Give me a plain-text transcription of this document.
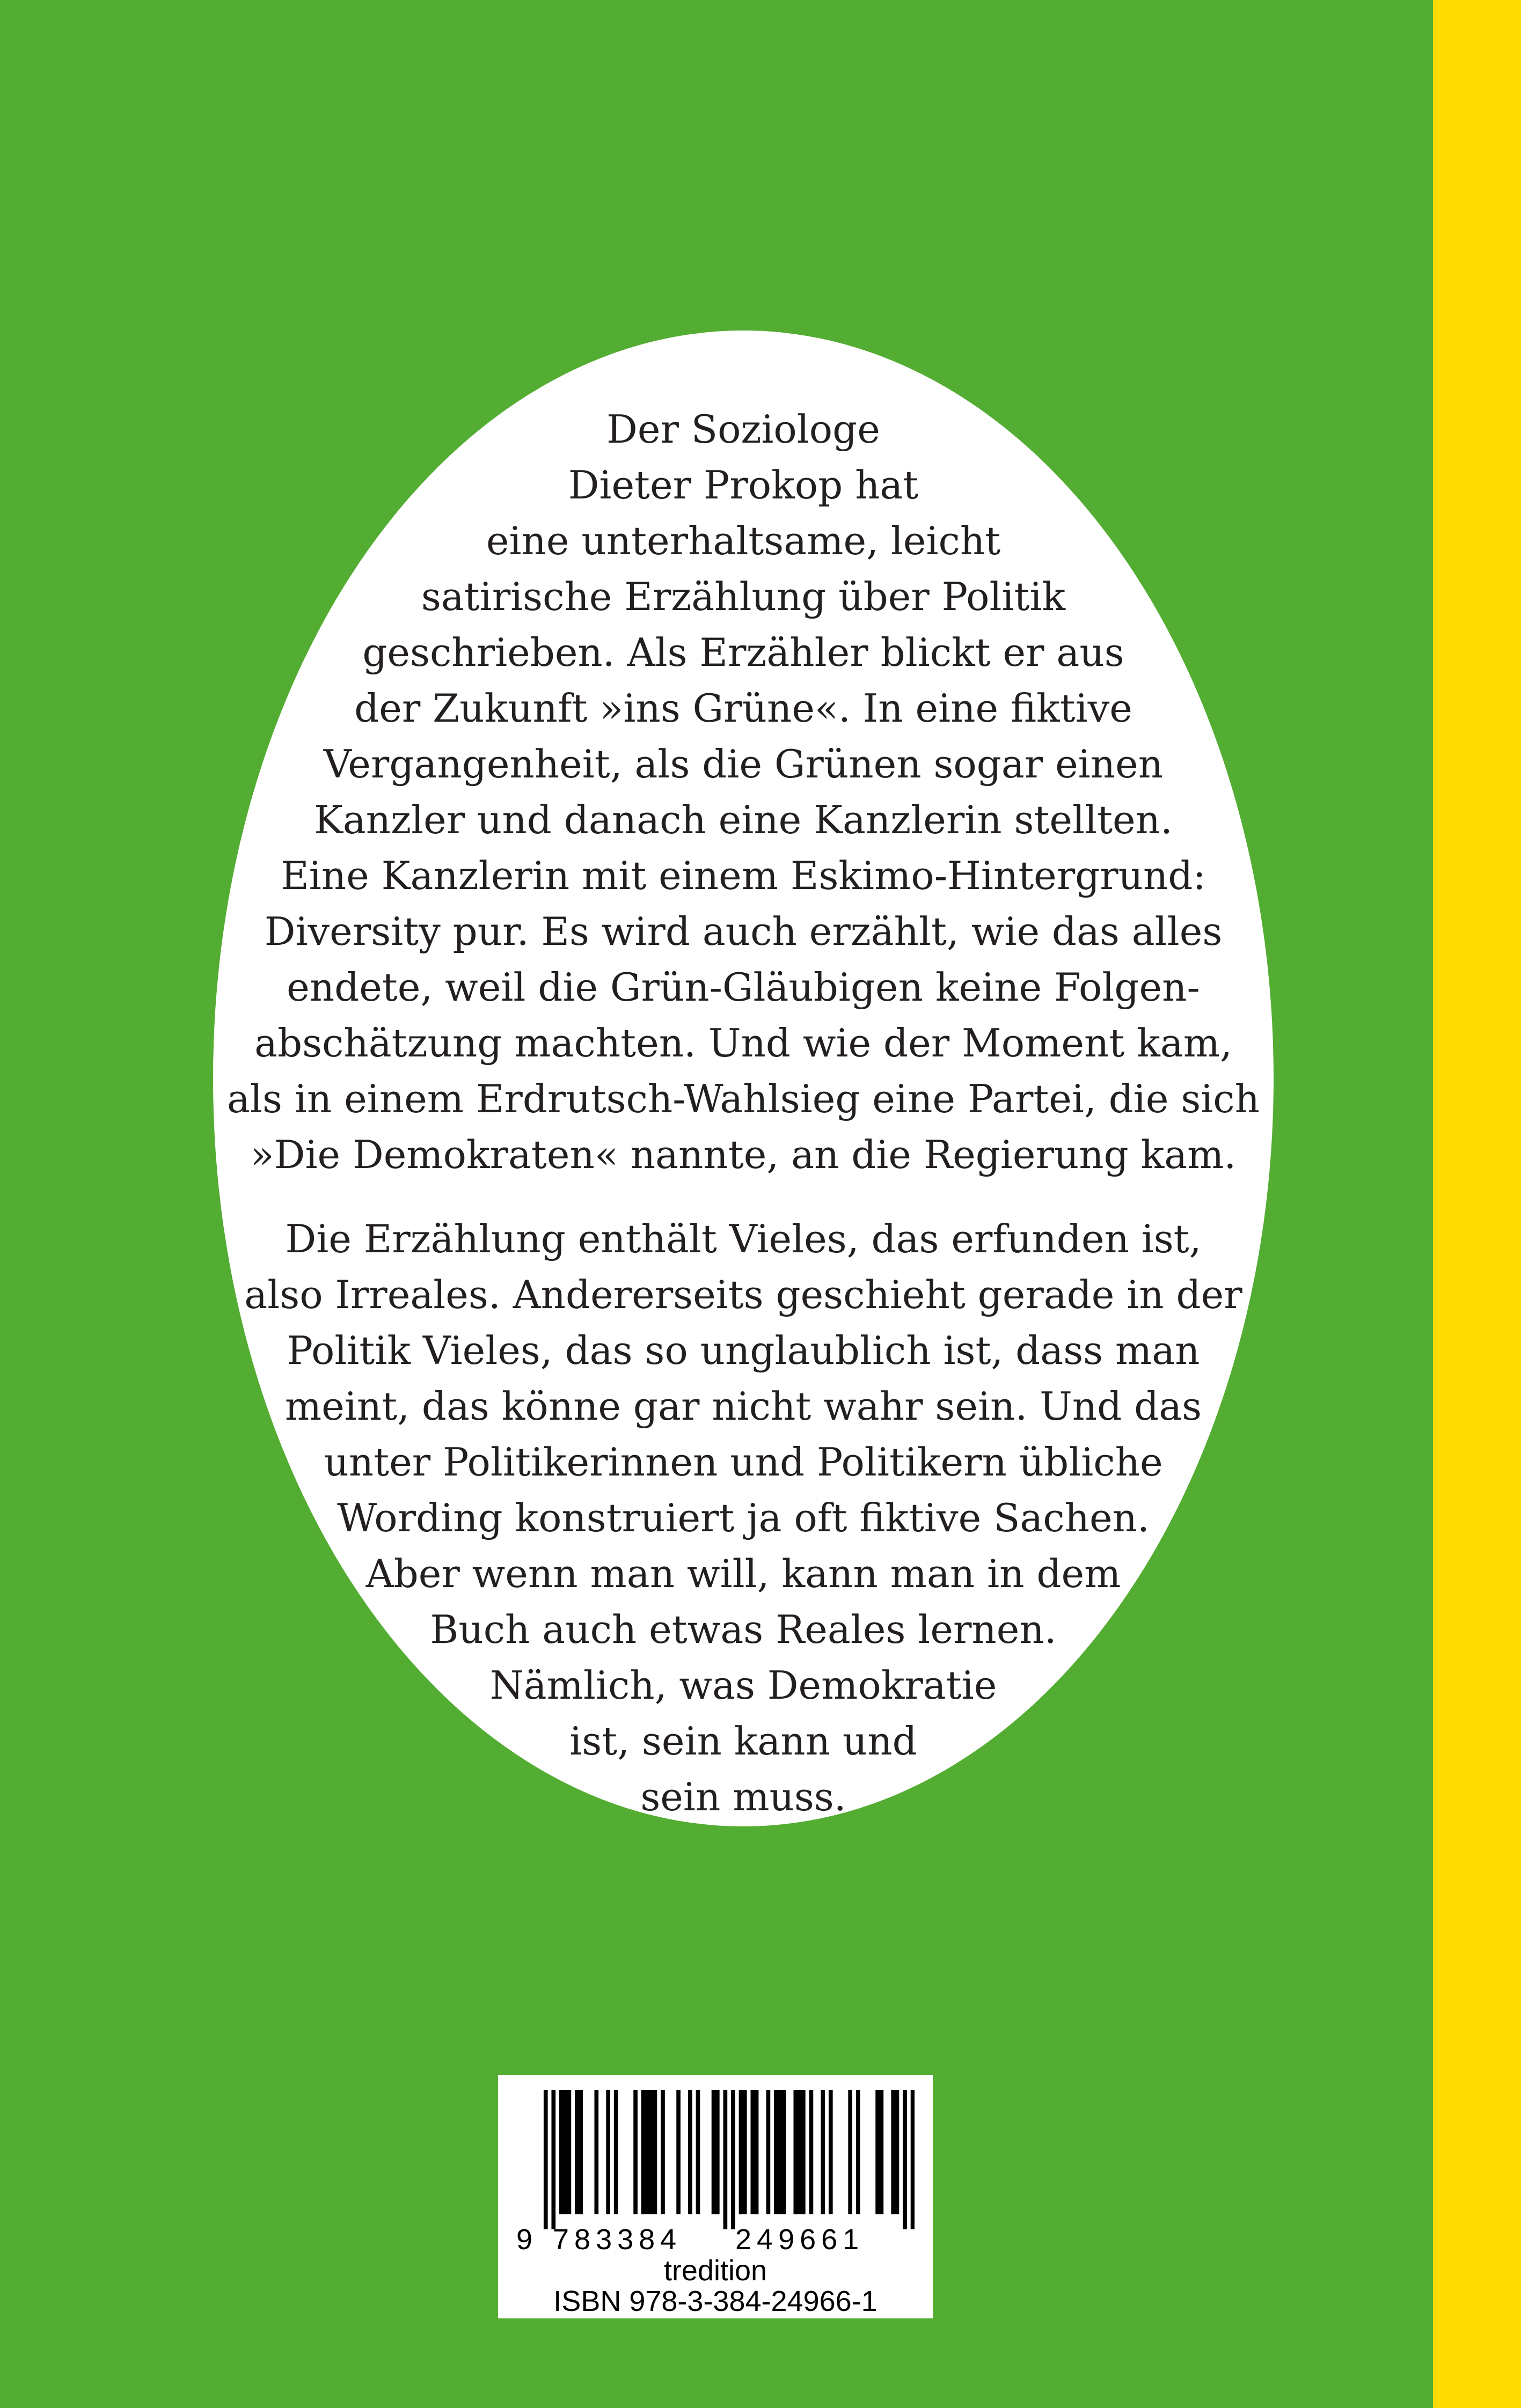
Der Soziologe
Dieter Prokop hat
eine unterhaltsame, leicht
satirische Erzählung über Politik
geschrieben. Als Erzähler blickt er aus
der Zukunft »ins Grüne«. In eine fiktive
Vergangenheit, als die Grünen sogar einen
Kanzler und danach eine Kanzlerin stellten.
Eine Kanzlerin mit einem Eskimo-Hintergrund:
Diversity pur. Es wird auch erzählt, wie das alles
endete, weil die Grün-Gläubigen keine Folgen-
abschätzung machten. Und wie der Moment kam,
als in einem Erdrutsch-Wahlsieg eine Partei, die sich
»Die Demokraten« nannte, an die Regierung kam.

Die Erzählung enthält Vieles, das erfunden ist,
also Irreales. Andererseits geschieht gerade in der
Politik Vieles, das so unglaublich ist, dass man
meint, das könne gar nicht wahr sein. Und das
unter Politikerinnen und Politikern übliche
Wording konstruiert ja oft fiktive Sachen.
Aber wenn man will, kann man in dem
Buch auch etwas Reales lernen.
Nämlich, was Demokratie
ist, sein kann und
sein muss.

9 783384 249661
tredition
ISBN 978-3-384-24966-1
